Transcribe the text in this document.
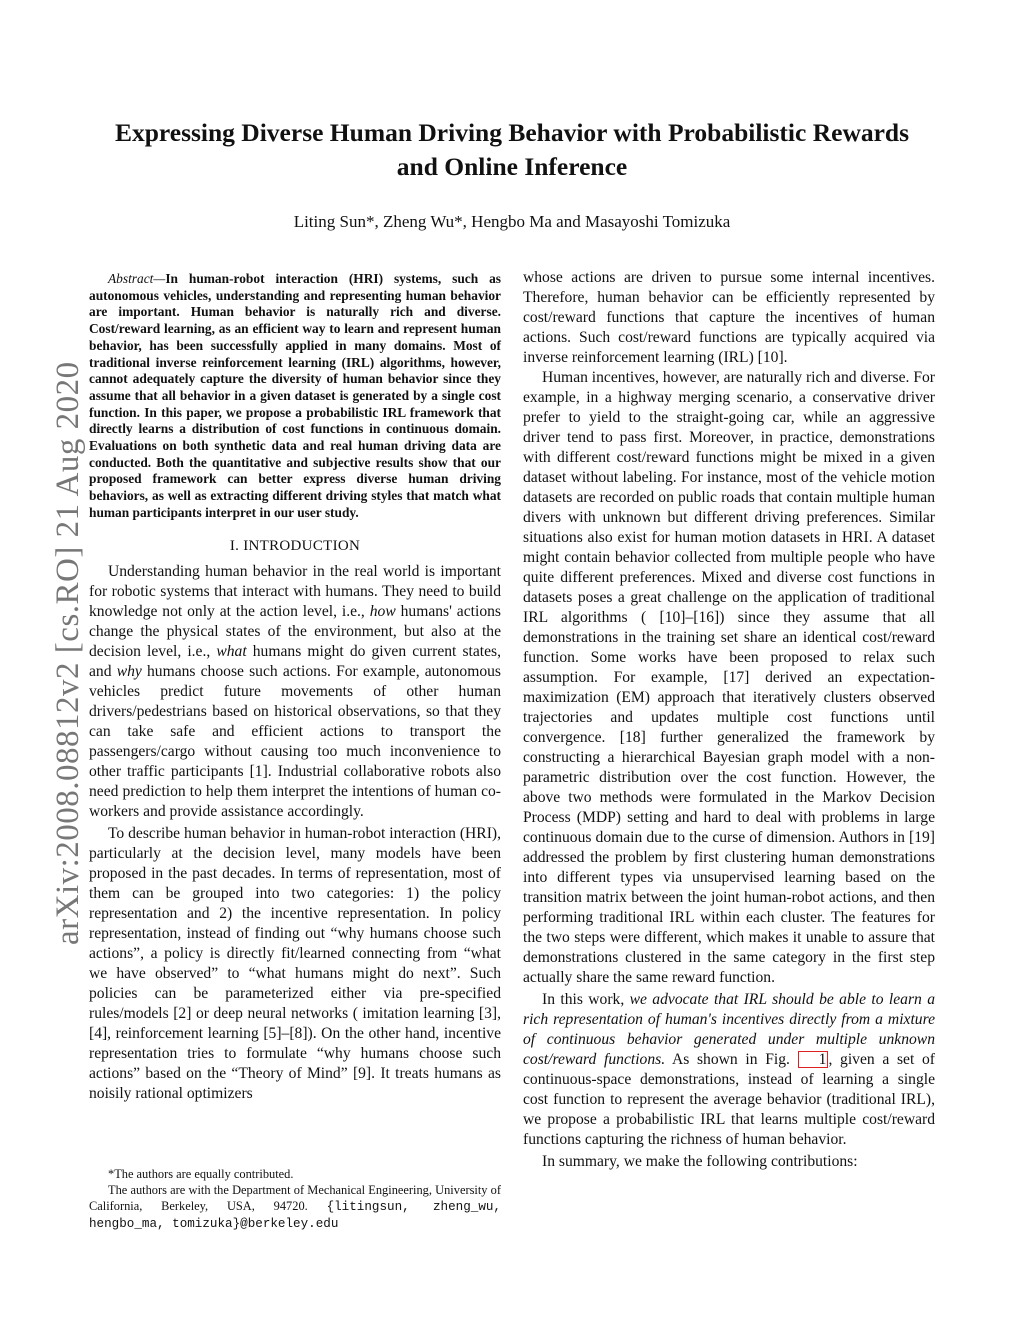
Expressing Diverse Human Driving Behavior with Probabilistic Rewards and Online Inference
Liting Sun*, Zheng Wu*, Hengbo Ma and Masayoshi Tomizuka
arXiv:2008.08812v2 [cs.RO] 21 Aug 2020

Abstract—In human-robot interaction (HRI) systems, such as autonomous vehicles, understanding and representing human behavior are important. Human behavior is naturally rich and diverse. Cost/reward learning, as an efficient way to learn and represent human behavior, has been successfully applied in many domains. Most of traditional inverse reinforcement learning (IRL) algorithms, however, cannot adequately capture the diversity of human behavior since they assume that all behavior in a given dataset is generated by a single cost function. In this paper, we propose a probabilistic IRL framework that directly learns a distribution of cost functions in continuous domain. Evaluations on both synthetic data and real human driving data are conducted. Both the quantitative and subjective results show that our proposed framework can better express diverse human driving behaviors, as well as extracting different driving styles that match what human participants interpret in our user study.

I. INTRODUCTION

Understanding human behavior in the real world is important for robotic systems that interact with humans. They need to build knowledge not only at the action level, i.e., how humans' actions change the physical states of the environment, but also at the decision level, i.e., what humans might do given current states, and why humans choose such actions. For example, autonomous vehicles predict future movements of other human drivers/pedestrians based on historical observations, so that they can take safe and efficient actions to transport the passengers/cargo without causing too much inconvenience to other traffic participants [1]. Industrial collaborative robots also need prediction to help them interpret the intentions of human co-workers and provide assistance accordingly.

To describe human behavior in human-robot interaction (HRI), particularly at the decision level, many models have been proposed in the past decades. In terms of representation, most of them can be grouped into two categories: 1) the policy representation and 2) the incentive representation. In policy representation, instead of finding out “why humans choose such actions”, a policy is directly fit/learned connecting from “what we have observed” to “what humans might do next”. Such policies can be parameterized either via pre-specified rules/models [2] or deep neural networks ( imitation learning [3], [4], reinforcement learning [5]–[8]). On the other hand, incentive representation tries to formulate “why humans choose such actions” based on the “Theory of Mind” [9]. It treats humans as noisily rational optimizers

*The authors are equally contributed.

The authors are with the Department of Mechanical Engineering, University of California, Berkeley, USA, 94720. {litingsun, zheng_wu, hengbo_ma, tomizuka}@berkeley.edu

whose actions are driven to pursue some internal incentives. Therefore, human behavior can be efficiently represented by cost/reward functions that capture the incentives of human actions. Such cost/reward functions are typically acquired via inverse reinforcement learning (IRL) [10].

Human incentives, however, are naturally rich and diverse. For example, in a highway merging scenario, a conservative driver prefer to yield to the straight-going car, while an aggressive driver tend to pass first. Moreover, in practice, demonstrations with different cost/reward functions might be mixed in a given dataset without labeling. For instance, most of the vehicle motion datasets are recorded on public roads that contain multiple human divers with unknown but different driving preferences. Similar situations also exist for human motion datasets in HRI. A dataset might contain behavior collected from multiple people who have quite different preferences. Mixed and diverse cost functions in datasets poses a great challenge on the application of traditional IRL algorithms ( [10]–[16]) since they assume that all demonstrations in the training set share an identical cost/reward function. Some works have been proposed to relax such assumption. For example, [17] derived an expectation-maximization (EM) approach that iteratively clusters observed trajectories and updates multiple cost functions until convergence. [18] further generalized the framework by constructing a hierarchical Bayesian graph model with a non-parametric distribution over the cost function. However, the above two methods were formulated in the Markov Decision Process (MDP) setting and hard to deal with problems in large continuous domain due to the curse of dimension. Authors in [19] addressed the problem by first clustering human demonstrations into different types via unsupervised learning based on the transition matrix between the joint human-robot actions, and then performing traditional IRL within each cluster. The features for the two steps were different, which makes it unable to assure that demonstrations clustered in the same category in the first step actually share the same reward function.

In this work, we advocate that IRL should be able to learn a rich representation of human's incentives directly from a mixture of continuous behavior generated under multiple unknown cost/reward functions. As shown in Fig. 1 , given a set of continuous-space demonstrations, instead of learning a single cost function to represent the average behavior (traditional IRL), we propose a probabilistic IRL that learns multiple cost/reward functions capturing the richness of human behavior.

In summary, we make the following contributions:
